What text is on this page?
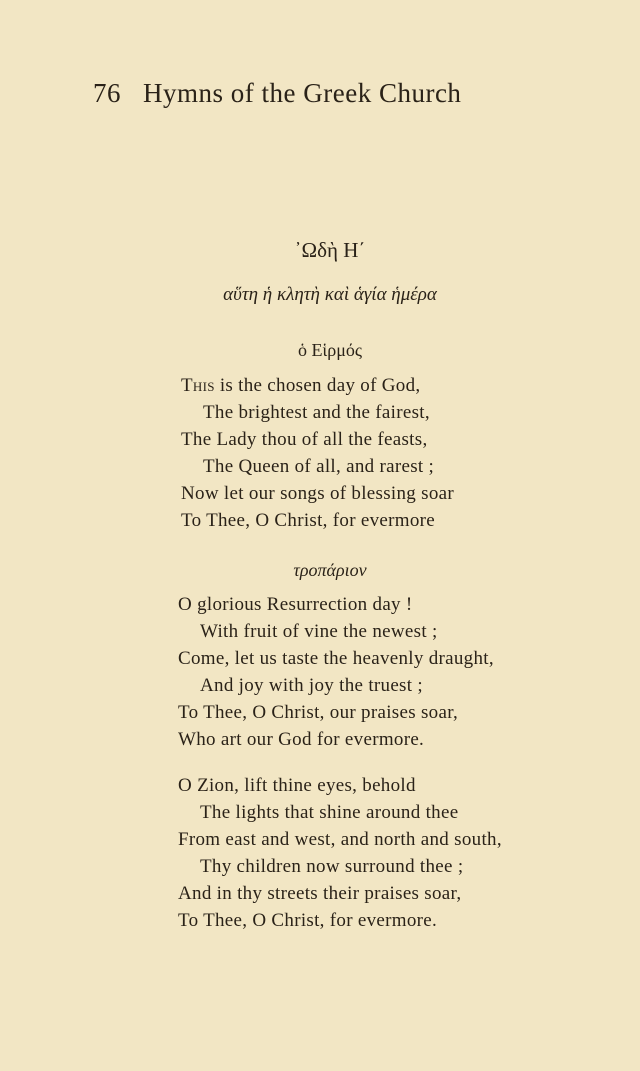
76 Hymns of the Greek Church
᾿Ωδὴ Η΄
αὕτη ἡ κλητὴ καὶ ἁγία ἡμέρα
ὁ Εἱρμός
This is the chosen day of God,
The brightest and the fairest,
The Lady thou of all the feasts,
The Queen of all, and rarest ;
Now let our songs of blessing soar
To Thee, O Christ, for evermore
τροπάριον
O glorious Resurrection day !
With fruit of vine the newest ;
Come, let us taste the heavenly draught,
And joy with joy the truest ;
To Thee, O Christ, our praises soar,
Who art our God for evermore.
O Zion, lift thine eyes, behold
The lights that shine around thee
From east and west, and north and south,
Thy children now surround thee ;
And in thy streets their praises soar,
To Thee, O Christ, for evermore.
